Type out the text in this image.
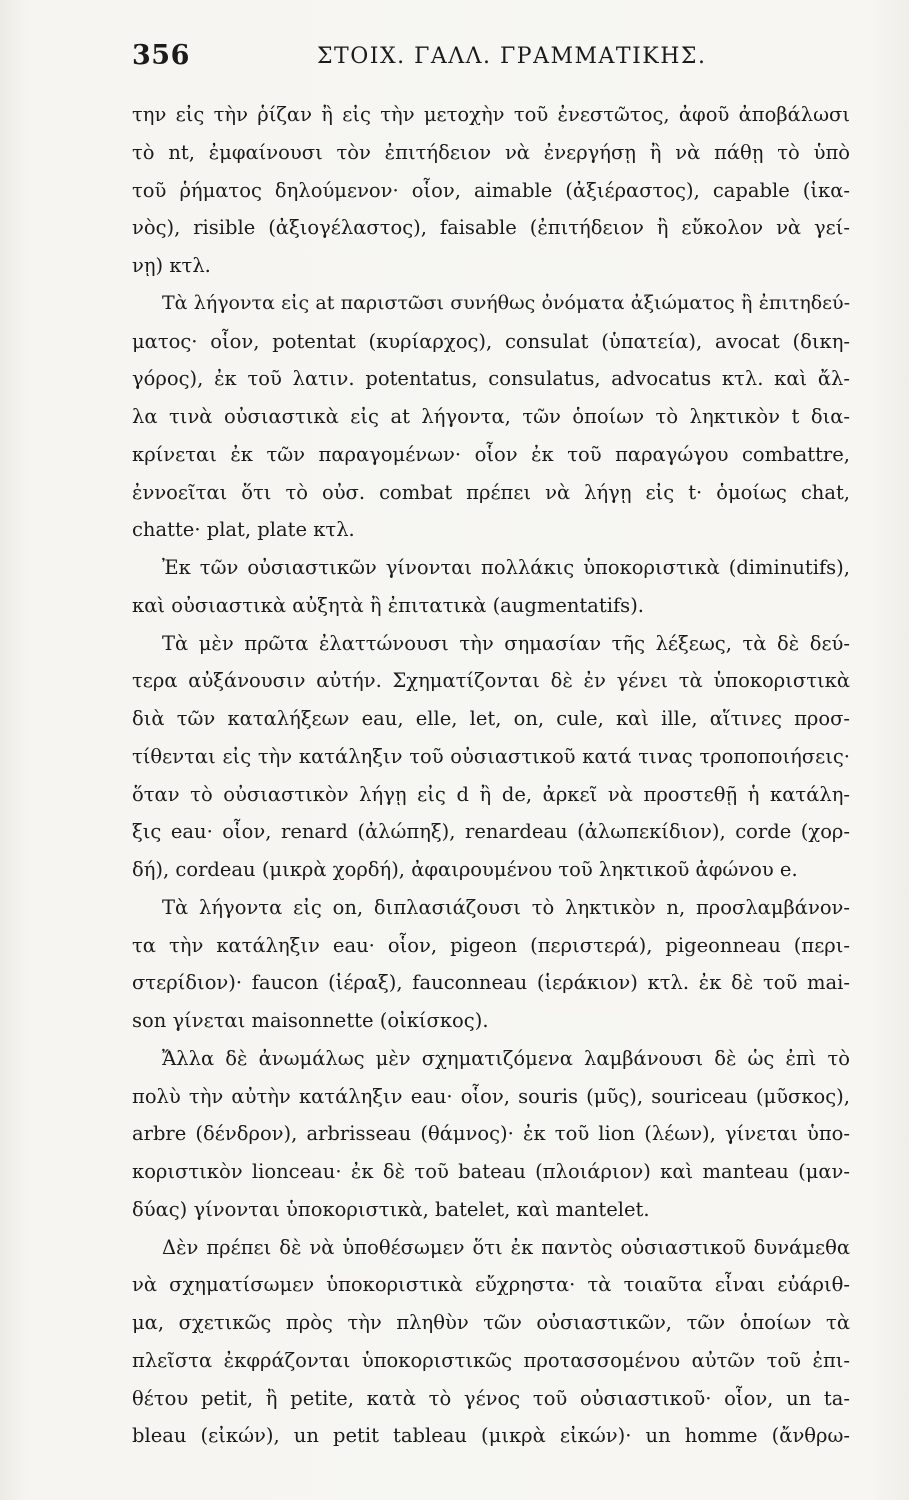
356	ΣΤΟΙΧ. ΓΑΛΛ. ΓΡΑΜΜΑΤΙΚΗΣ.
την εἰς τὴν ῥίζαν ἢ εἰς τὴν μετοχὴν τοῦ ἐνεστῶτος, ἀφοῦ ἀποβάλωσι
τὸ nt, ἐμφαίνουσι τὸν ἐπιτήδειον νὰ ἐνεργήσῃ ἢ νὰ πάθῃ τὸ ὑπὸ
τοῦ ῥήματος δηλούμενον· οἷον, aimable (ἀξιέραστος), capable (ἱκα-
νὸς), risible (ἀξιογέλαστος), faisable (ἐπιτήδειον ἢ εὔκολον νὰ γεί-
νῃ) κτλ.
Τὰ λήγοντα εἰς at παριστῶσι συνήθως ὀνόματα ἀξιώματος ἢ ἐπιτηδεύ-
ματος· οἷον, potentat (κυρίαρχος), consulat (ὑπατεία), avocat (δικη-
γόρος), ἐκ τοῦ λατιν. potentatus, consulatus, advocatus κτλ. καὶ ἄλ-
λα τινὰ οὐσιαστικὰ εἰς at λήγοντα, τῶν ὁποίων τὸ ληκτικὸν t δια-
κρίνεται ἐκ τῶν παραγομένων· οἷον ἐκ τοῦ παραγώγου combattre,
ἐννοεῖται ὅτι τὸ οὐσ. combat πρέπει νὰ λήγῃ εἰς t· ὁμοίως chat,
chatte· plat, plate κτλ.
Ἐκ τῶν οὐσιαστικῶν γίνονται πολλάκις ὑποκοριστικὰ (diminutifs),
καὶ οὐσιαστικὰ αὐξητὰ ἢ ἐπιτατικὰ (augmentatifs).
Τὰ μὲν πρῶτα ἐλαττώνουσι τὴν σημασίαν τῆς λέξεως, τὰ δὲ δεύ-
τερα αὐξάνουσιν αὐτήν. Σχηματίζονται δὲ ἐν γένει τὰ ὑποκοριστικὰ
διὰ τῶν καταλήξεων eau, elle, let, on, cule, καὶ ille, αἵτινες προσ-
τίθενται εἰς τὴν κατάληξιν τοῦ οὐσιαστικοῦ κατά τινας τροποποιήσεις·
ὅταν τὸ οὐσιαστικὸν λήγῃ εἰς d ἢ de, ἀρκεῖ νὰ προστεθῇ ἡ κατάλη-
ξις eau· οἷον, renard (ἀλώπηξ), renardeau (ἀλωπεκίδιον), corde (χορ-
δή), cordeau (μικρὰ χορδή), ἀφαιρουμένου τοῦ ληκτικοῦ ἀφώνου e.
Τὰ λήγοντα εἰς on, διπλασιάζουσι τὸ ληκτικὸν n, προσλαμβάνον-
τα τὴν κατάληξιν eau· οἷον, pigeon (περιστερά), pigeonneau (περι-
στερίδιον)· faucon (ἱέραξ), fauconneau (ἱεράκιον) κτλ. ἐκ δὲ τοῦ mai-
son γίνεται maisonnette (οἰκίσκος).
Ἄλλα δὲ ἀνωμάλως μὲν σχηματιζόμενα λαμβάνουσι δὲ ὡς ἐπὶ τὸ
πολὺ τὴν αὐτὴν κατάληξιν eau· οἷον, souris (μῦς), souriceau (μῦσκος),
arbre (δένδρον), arbrisseau (θάμνος)· ἐκ τοῦ lion (λέων), γίνεται ὑπο-
κοριστικὸν lionceau· ἐκ δὲ τοῦ bateau (πλοιάριον) καὶ manteau (μαν-
δύας) γίνονται ὑποκοριστικὰ, batelet, καὶ mantelet.
Δὲν πρέπει δὲ νὰ ὑποθέσωμεν ὅτι ἐκ παντὸς οὐσιαστικοῦ δυνάμεθα
νὰ σχηματίσωμεν ὑποκοριστικὰ εὔχρηστα· τὰ τοιαῦτα εἶναι εὐάριθ-
μα, σχετικῶς πρὸς τὴν πληθὺν τῶν οὐσιαστικῶν, τῶν ὁποίων τὰ
πλεῖστα ἐκφράζονται ὑποκοριστικῶς προτασσομένου αὐτῶν τοῦ ἐπι-
θέτου petit, ἢ petite, κατὰ τὸ γένος τοῦ οὐσιαστικοῦ· οἷον, un ta-
bleau (εἰκών), un petit tableau (μικρὰ εἰκών)· un homme (ἄνθρω-
